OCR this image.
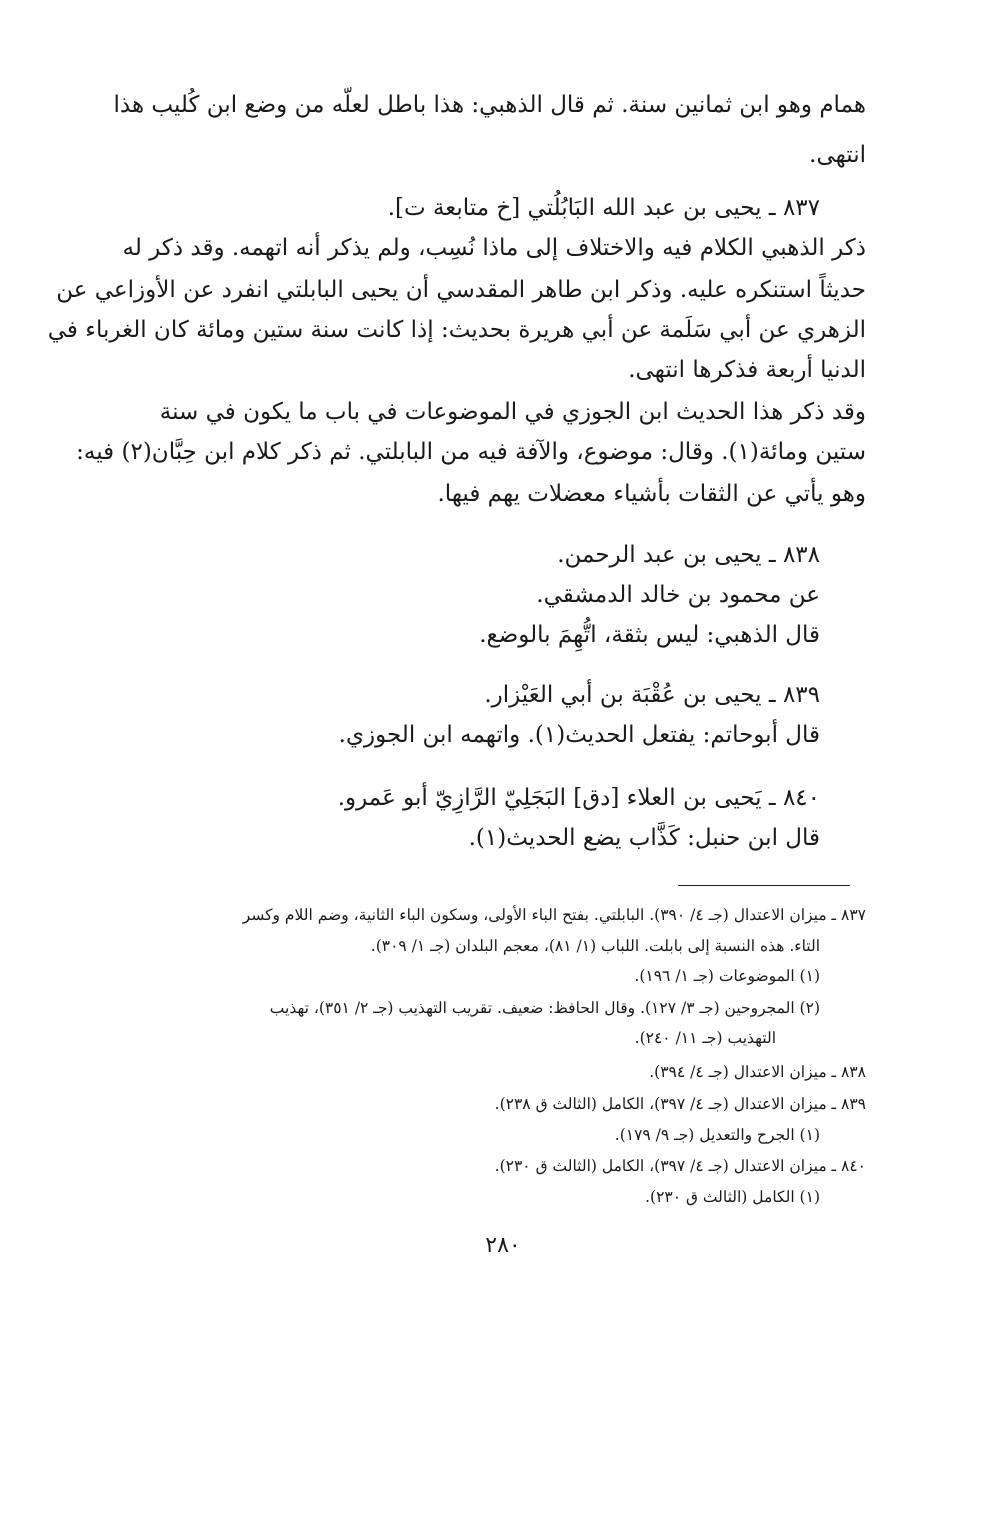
همام وهو ابن ثمانين سنة. ثم قال الذهبي: هذا باطل لعلّه من وضع ابن كُليب هذا
انتهى.
٨٣٧ ـ يحيى بن عبد الله البَابُلُتي [خ متابعة ت].
ذكر الذهبي الكلام فيه والاختلاف إلى ماذا نُسِب، ولم يذكر أنه اتهمه. وقد ذكر له
حديثاً استنكره عليه. وذكر ابن طاهر المقدسي أن يحيى البابلتي انفرد عن الأوزاعي عن
الزهري عن أبي سَلَمة عن أبي هريرة بحديث: إذا كانت سنة ستين ومائة كان الغرباء في
الدنيا أربعة فذكرها انتهى.
وقد ذكر هذا الحديث ابن الجوزي في الموضوعات في باب ما يكون في سنة
ستين ومائة(١). وقال: موضوع، والآفة فيه من البابلتي. ثم ذكر كلام ابن حِبَّان(٢) فيه:
وهو يأتي عن الثقات بأشياء معضلات يهم فيها.
٨٣٨ ـ يحيى بن عبد الرحمن.
عن محمود بن خالد الدمشقي.
قال الذهبي: ليس بثقة، اتُّهِمَ بالوضع.
٨٣٩ ـ يحيى بن عُقْبَة بن أبي العَيْزار.
قال أبوحاتم: يفتعل الحديث(١). واتهمه ابن الجوزي.
٨٤٠ ـ يَحيى بن العلاء [دق] البَجَلِيّ الرَّازِيّ أبو عَمرو.
قال ابن حنبل: كَذَّاب يضع الحديث(١).
٨٣٧ ـ ميزان الاعتدال (جـ ٤/ ٣٩٠). البابلتي. بفتح الباء الأولى، وسكون الباء الثانية، وضم اللام وكسر
التاء. هذه النسبة إلى بابلت. اللباب (١/ ٨١)، معجم البلدان (جـ ١/ ٣٠٩).
(١) الموضوعات (جـ ١/ ١٩٦).
(٢) المجروحين (جـ ٣/ ١٢٧). وقال الحافظ: ضعيف. تقريب التهذيب (جـ ٢/ ٣٥١)، تهذيب
التهذيب (جـ ١١/ ٢٤٠).
٨٣٨ ـ ميزان الاعتدال (جـ ٤/ ٣٩٤).
٨٣٩ ـ ميزان الاعتدال (جـ ٤/ ٣٩٧)، الكامل (الثالث ق ٢٣٨).
(١) الجرح والتعديل (جـ ٩/ ١٧٩).
٨٤٠ ـ ميزان الاعتدال (جـ ٤/ ٣٩٧)، الكامل (الثالث ق ٢٣٠).
(١) الكامل (الثالث ق ٢٣٠).
٢٨٠
